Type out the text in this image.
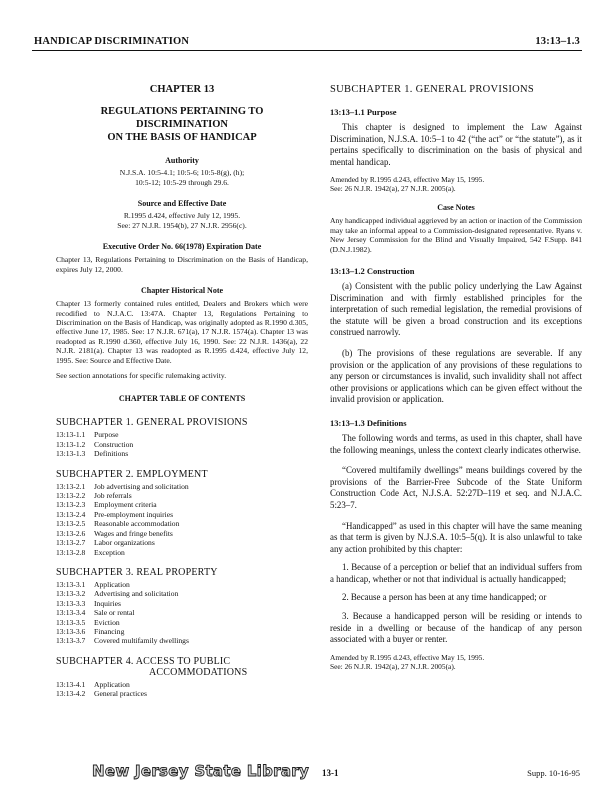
HANDICAP DISCRIMINATION	13:13–1.3
CHAPTER 13
REGULATIONS PERTAINING TO DISCRIMINATION
ON THE BASIS OF HANDICAP
Authority
N.J.S.A. 10:5-4.1; 10:5-6; 10:5-8(g), (h);
10:5-12; 10:5-29 through 29.6.
Source and Effective Date
R.1995 d.424, effective July 12, 1995.
See: 27 N.J.R. 1954(b), 27 N.J.R. 2956(c).
Executive Order No. 66(1978) Expiration Date
Chapter 13, Regulations Pertaining to Discrimination on the Basis of Handicap, expires July 12, 2000.
Chapter Historical Note
Chapter 13 formerly contained rules entitled, Dealers and Brokers which were recodified to N.J.A.C. 13:47A. Chapter 13, Regulations Pertaining to Discrimination on the Basis of Handicap, was originally adopted as R.1990 d.305, effective June 17, 1985. See: 17 N.J.R. 671(a), 17 N.J.R. 1574(a). Chapter 13 was readopted as R.1990 d.360, effective July 16, 1990. See: 22 N.J.R. 1436(a), 22 N.J.R. 2181(a). Chapter 13 was readopted as R.1995 d.424, effective July 12, 1995. See: Source and Effective Date.
See section annotations for specific rulemaking activity.
CHAPTER TABLE OF CONTENTS
SUBCHAPTER 1. GENERAL PROVISIONS
13:13-1.1	Purpose
13:13-1.2	Construction
13:13-1.3	Definitions
SUBCHAPTER 2. EMPLOYMENT
13:13-2.1	Job advertising and solicitation
13:13-2.2	Job referrals
13:13-2.3	Employment criteria
13:13-2.4	Pre-employment inquiries
13:13-2.5	Reasonable accommodation
13:13-2.6	Wages and fringe benefits
13:13-2.7	Labor organizations
13:13-2.8	Exception
SUBCHAPTER 3. REAL PROPERTY
13:13-3.1	Application
13:13-3.2	Advertising and solicitation
13:13-3.3	Inquiries
13:13-3.4	Sale or rental
13:13-3.5	Eviction
13:13-3.6	Financing
13:13-3.7	Covered multifamily dwellings
SUBCHAPTER 4. ACCESS TO PUBLIC
ACCOMMODATIONS
13:13-4.1	Application
13:13-4.2	General practices
SUBCHAPTER 1. GENERAL PROVISIONS
13:13–1.1 Purpose
This chapter is designed to implement the Law Against Discrimination, N.J.S.A. 10:5–1 to 42 (“the act” or “the statute”), as it pertains specifically to discrimination on the basis of physical and mental handicap.
Amended by R.1995 d.243, effective May 15, 1995.
See: 26 N.J.R. 1942(a), 27 N.J.R. 2005(a).
Case Notes
Any handicapped individual aggrieved by an action or inaction of the Commission may take an informal appeal to a Commission-designated representative. Ryans v. New Jersey Commission for the Blind and Visually Impaired, 542 F.Supp. 841 (D.N.J.1982).
13:13–1.2 Construction
(a) Consistent with the public policy underlying the Law Against Discrimination and with firmly established principles for the interpretation of such remedial legislation, the remedial provisions of the statute will be given a broad construction and its exceptions construed narrowly.
(b) The provisions of these regulations are severable. If any provision or the application of any provisions of these regulations to any person or circumstances is invalid, such invalidity shall not affect other provisions or applications which can be given effect without the invalid provision or application.
13:13–1.3 Definitions
The following words and terms, as used in this chapter, shall have the following meanings, unless the context clearly indicates otherwise.
“Covered multifamily dwellings” means buildings covered by the provisions of the Barrier-Free Subcode of the State Uniform Construction Code Act, N.J.S.A. 52:27D–119 et seq. and N.J.A.C. 5:23–7.
“Handicapped” as used in this chapter will have the same meaning as that term is given by N.J.S.A. 10:5–5(q). It is also unlawful to take any action prohibited by this chapter:
1. Because of a perception or belief that an individual suffers from a handicap, whether or not that individual is actually handicapped;
2. Because a person has been at any time handicapped; or
3. Because a handicapped person will be residing or intends to reside in a dwelling or because of the handicap of any person associated with a buyer or renter.
Amended by R.1995 d.243, effective May 15, 1995.
See: 26 N.J.R. 1942(a), 27 N.J.R. 2005(a).
New Jersey State Library 13-1	Supp. 10-16-95
